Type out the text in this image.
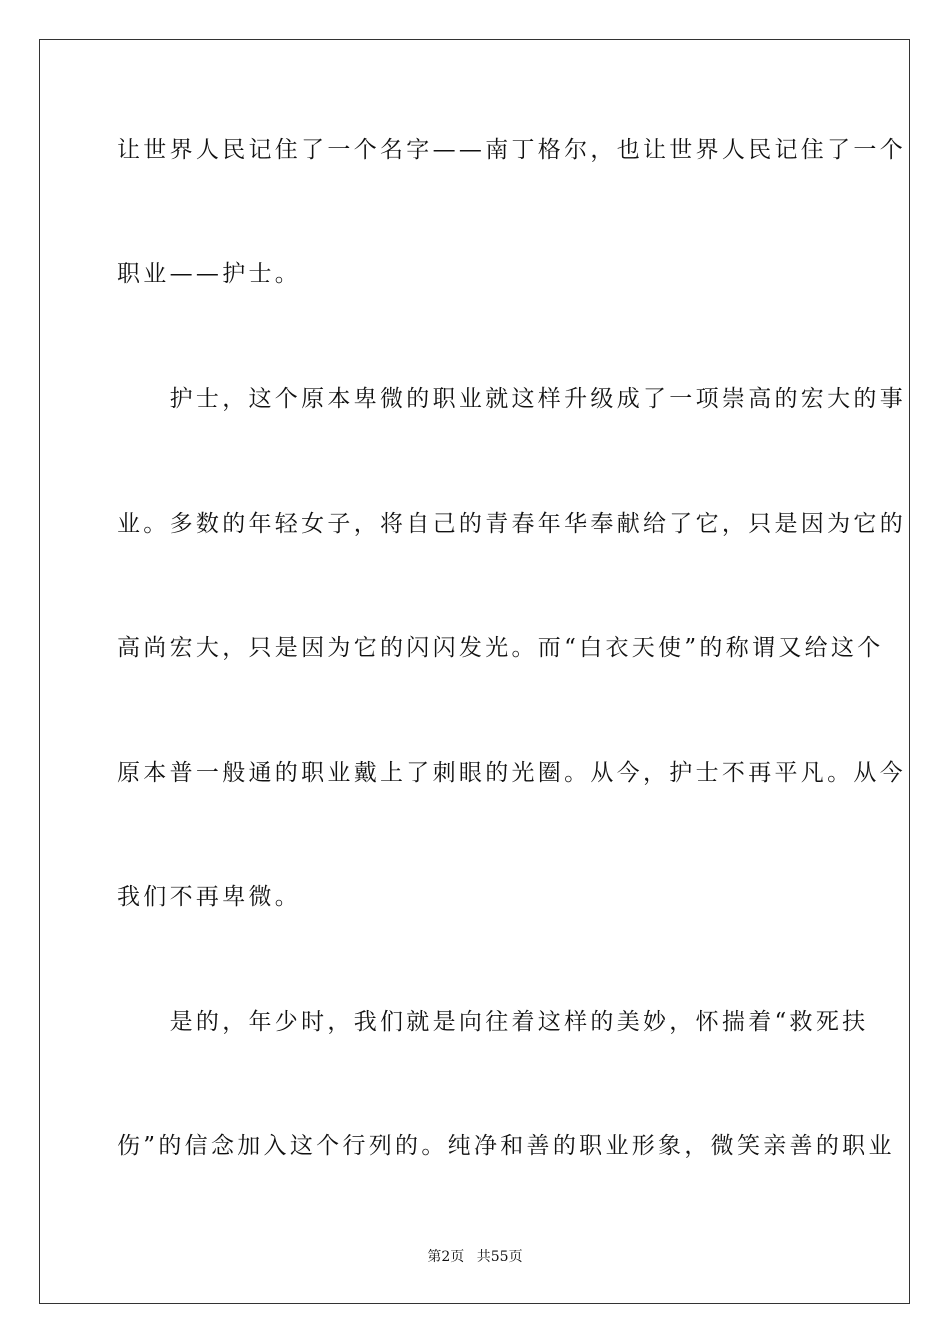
让世界人民记住了一个名字——南丁格尔，也让世界人民记住了一个
职业——护士。
　　护士，这个原本卑微的职业就这样升级成了一项崇高的宏大的事
业。多数的年轻女子，将自己的青春年华奉献给了它，只是因为它的
高尚宏大，只是因为它的闪闪发光。而“白衣天使”的称谓又给这个
原本普一般通的职业戴上了刺眼的光圈。从今，护士不再平凡。从今
我们不再卑微。
　　是的，年少时，我们就是向往着这样的美妙，怀揣着“救死扶
伤”的信念加入这个行列的。纯净和善的职业形象，微笑亲善的职业
第2页 共55页
